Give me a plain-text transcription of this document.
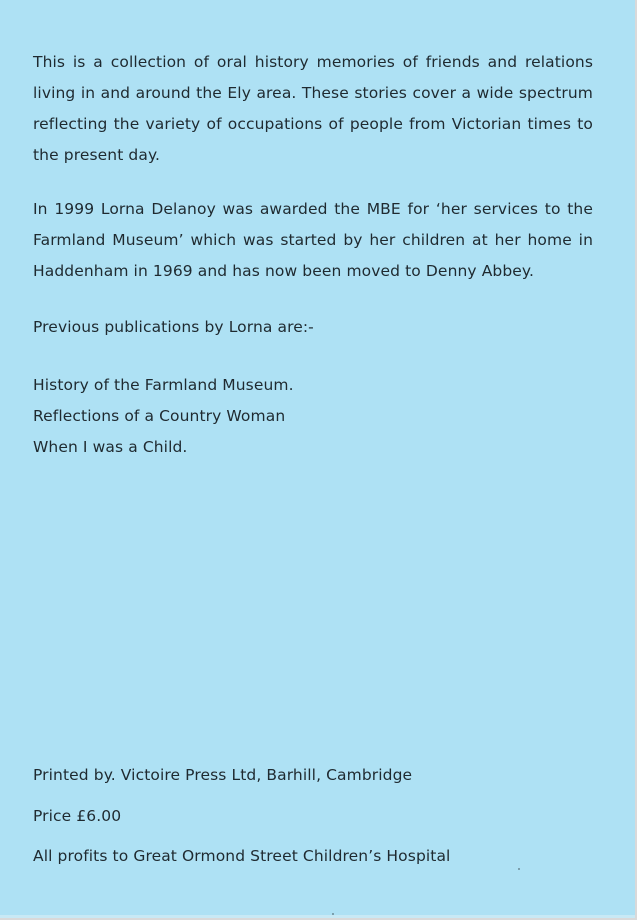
This is a collection of oral history memories of friends and relations living in and around the Ely area. These stories cover a wide spectrum reflecting the variety of occupations of people from Victorian times to the present day.

In 1999 Lorna Delanoy was awarded the MBE for ‘her services to the Farmland Museum’ which was started by her children at her home in Haddenham in 1969 and has now been moved to Denny Abbey.

Previous publications by Lorna are:-

History of the Farmland Museum.

Reflections of a Country Woman

When I was a Child.

Printed by. Victoire Press Ltd, Barhill, Cambridge

Price £6.00

All profits to Great Ormond Street Children’s Hospital
